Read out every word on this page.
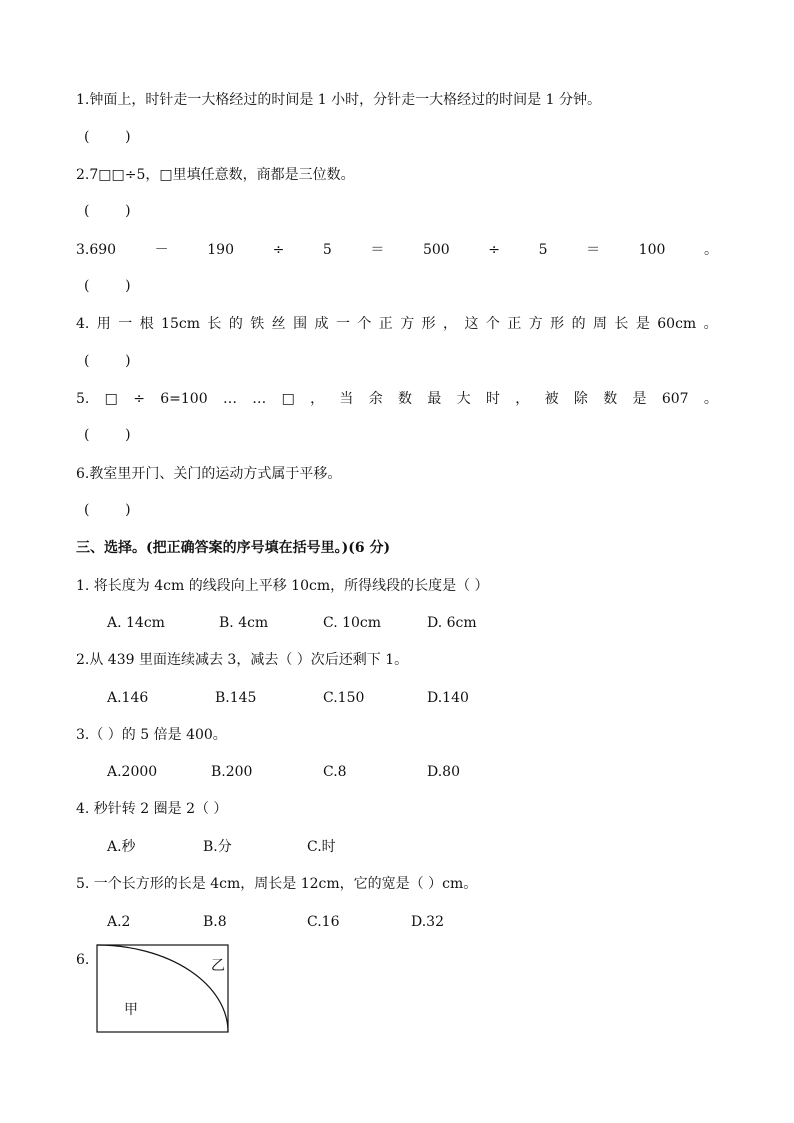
1.钟面上，时针走一大格经过的时间是 1 小时，分针走一大格经过的时间是 1 分钟。
(        )
2.7□□÷5，□里填任意数，商都是三位数。
(        )
3.690	－	190	÷	5	＝	500	÷	5	＝	100	。
(        )
4. 用 一 根 15cm 长 的 铁 丝 围 成 一 个 正 方 形 ， 这 个 正 方 形 的 周 长 是 60cm 。
(        )
5. □ ÷ 6=100 … … □ ， 当 余 数 最 大 时 ， 被 除 数 是 607 。
(        )
6.教室里开门、关门的运动方式属于平移。
(        )
三、选择。(把正确答案的序号填在括号里。)(6 分)
1. 将长度为 4cm 的线段向上平移 10cm，所得线段的长度是（ ）
A. 14cm	B. 4cm	C. 10cm	D. 6cm
2.从 439 里面连续减去 3，减去（ ）次后还剩下 1。
A.146	B.145	C.150	D.140
3.（ ）的 5 倍是 400。
A.2000	B.200	C.8	D.80
4. 秒针转 2 圈是 2（ ）
A.秒	B.分	C.时
5. 一个长方形的长是 4cm，周长是 12cm，它的宽是（ ）cm。
A.2	B.8	C.16	D.32
6.	乙
甲
